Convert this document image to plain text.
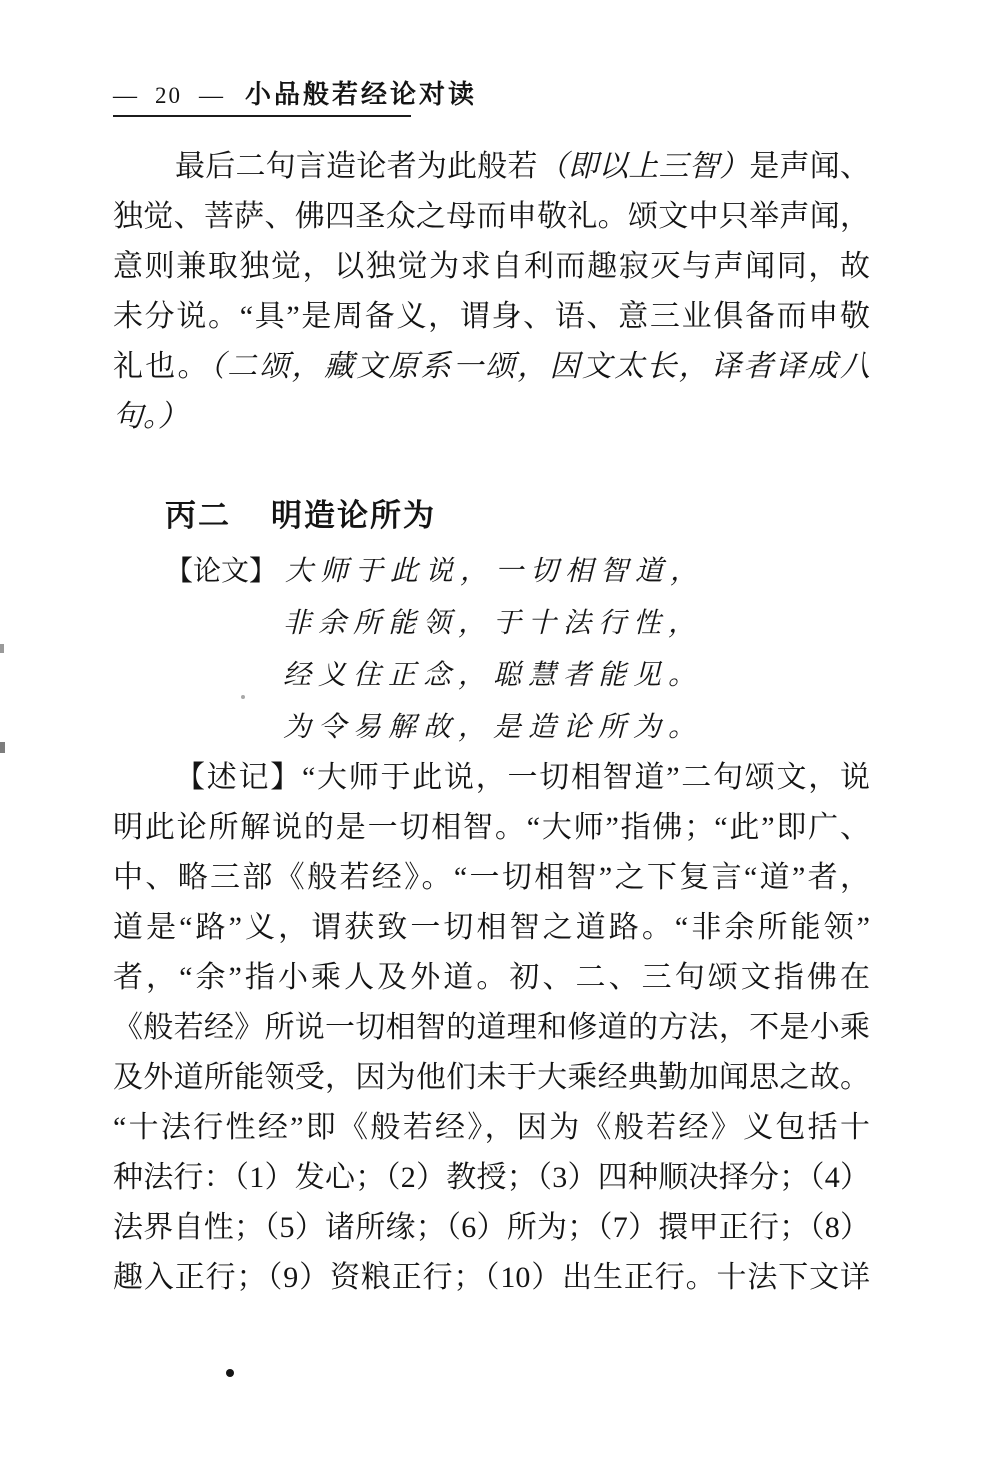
— 20 — 小品般若经论对读
最后二句言造论者为此般若（即以上三智）是声闻、
独觉、菩萨、佛四圣众之母而申敬礼。颂文中只举声闻，
意则兼取独觉，以独觉为求自利而趣寂灭与声闻同，故
未分说。“具”是周备义，谓身、语、意三业俱备而申敬
礼也。（二颂，藏文原系一颂，因文太长，译者译成八
句。）
丙二 明造论所为
【论文】 大师于此说，一切相智道，
非余所能领，于十法行性，
经义住正念，聪慧者能见。
为令易解故，是造论所为。
【述记】“大师于此说，一切相智道”二句颂文，说
明此论所解说的是一切相智。“大师”指佛；“此”即广、
中、略三部《般若经》。“一切相智”之下复言“道”者，
道是“路”义，谓获致一切相智之道路。“非余所能领”
者，“余”指小乘人及外道。初、二、三句颂文指佛在
《般若经》所说一切相智的道理和修道的方法，不是小乘
及外道所能领受，因为他们未于大乘经典勤加闻思之故。
“十法行性经”即《般若经》，因为《般若经》义包括十
种法行：（1）发心；（2）教授；（3）四种顺决择分；（4）
法界自性；（5）诸所缘；（6）所为；（7）擐甲正行；（8）
趣入正行；（9）资粮正行；（10）出生正行。十法下文详
